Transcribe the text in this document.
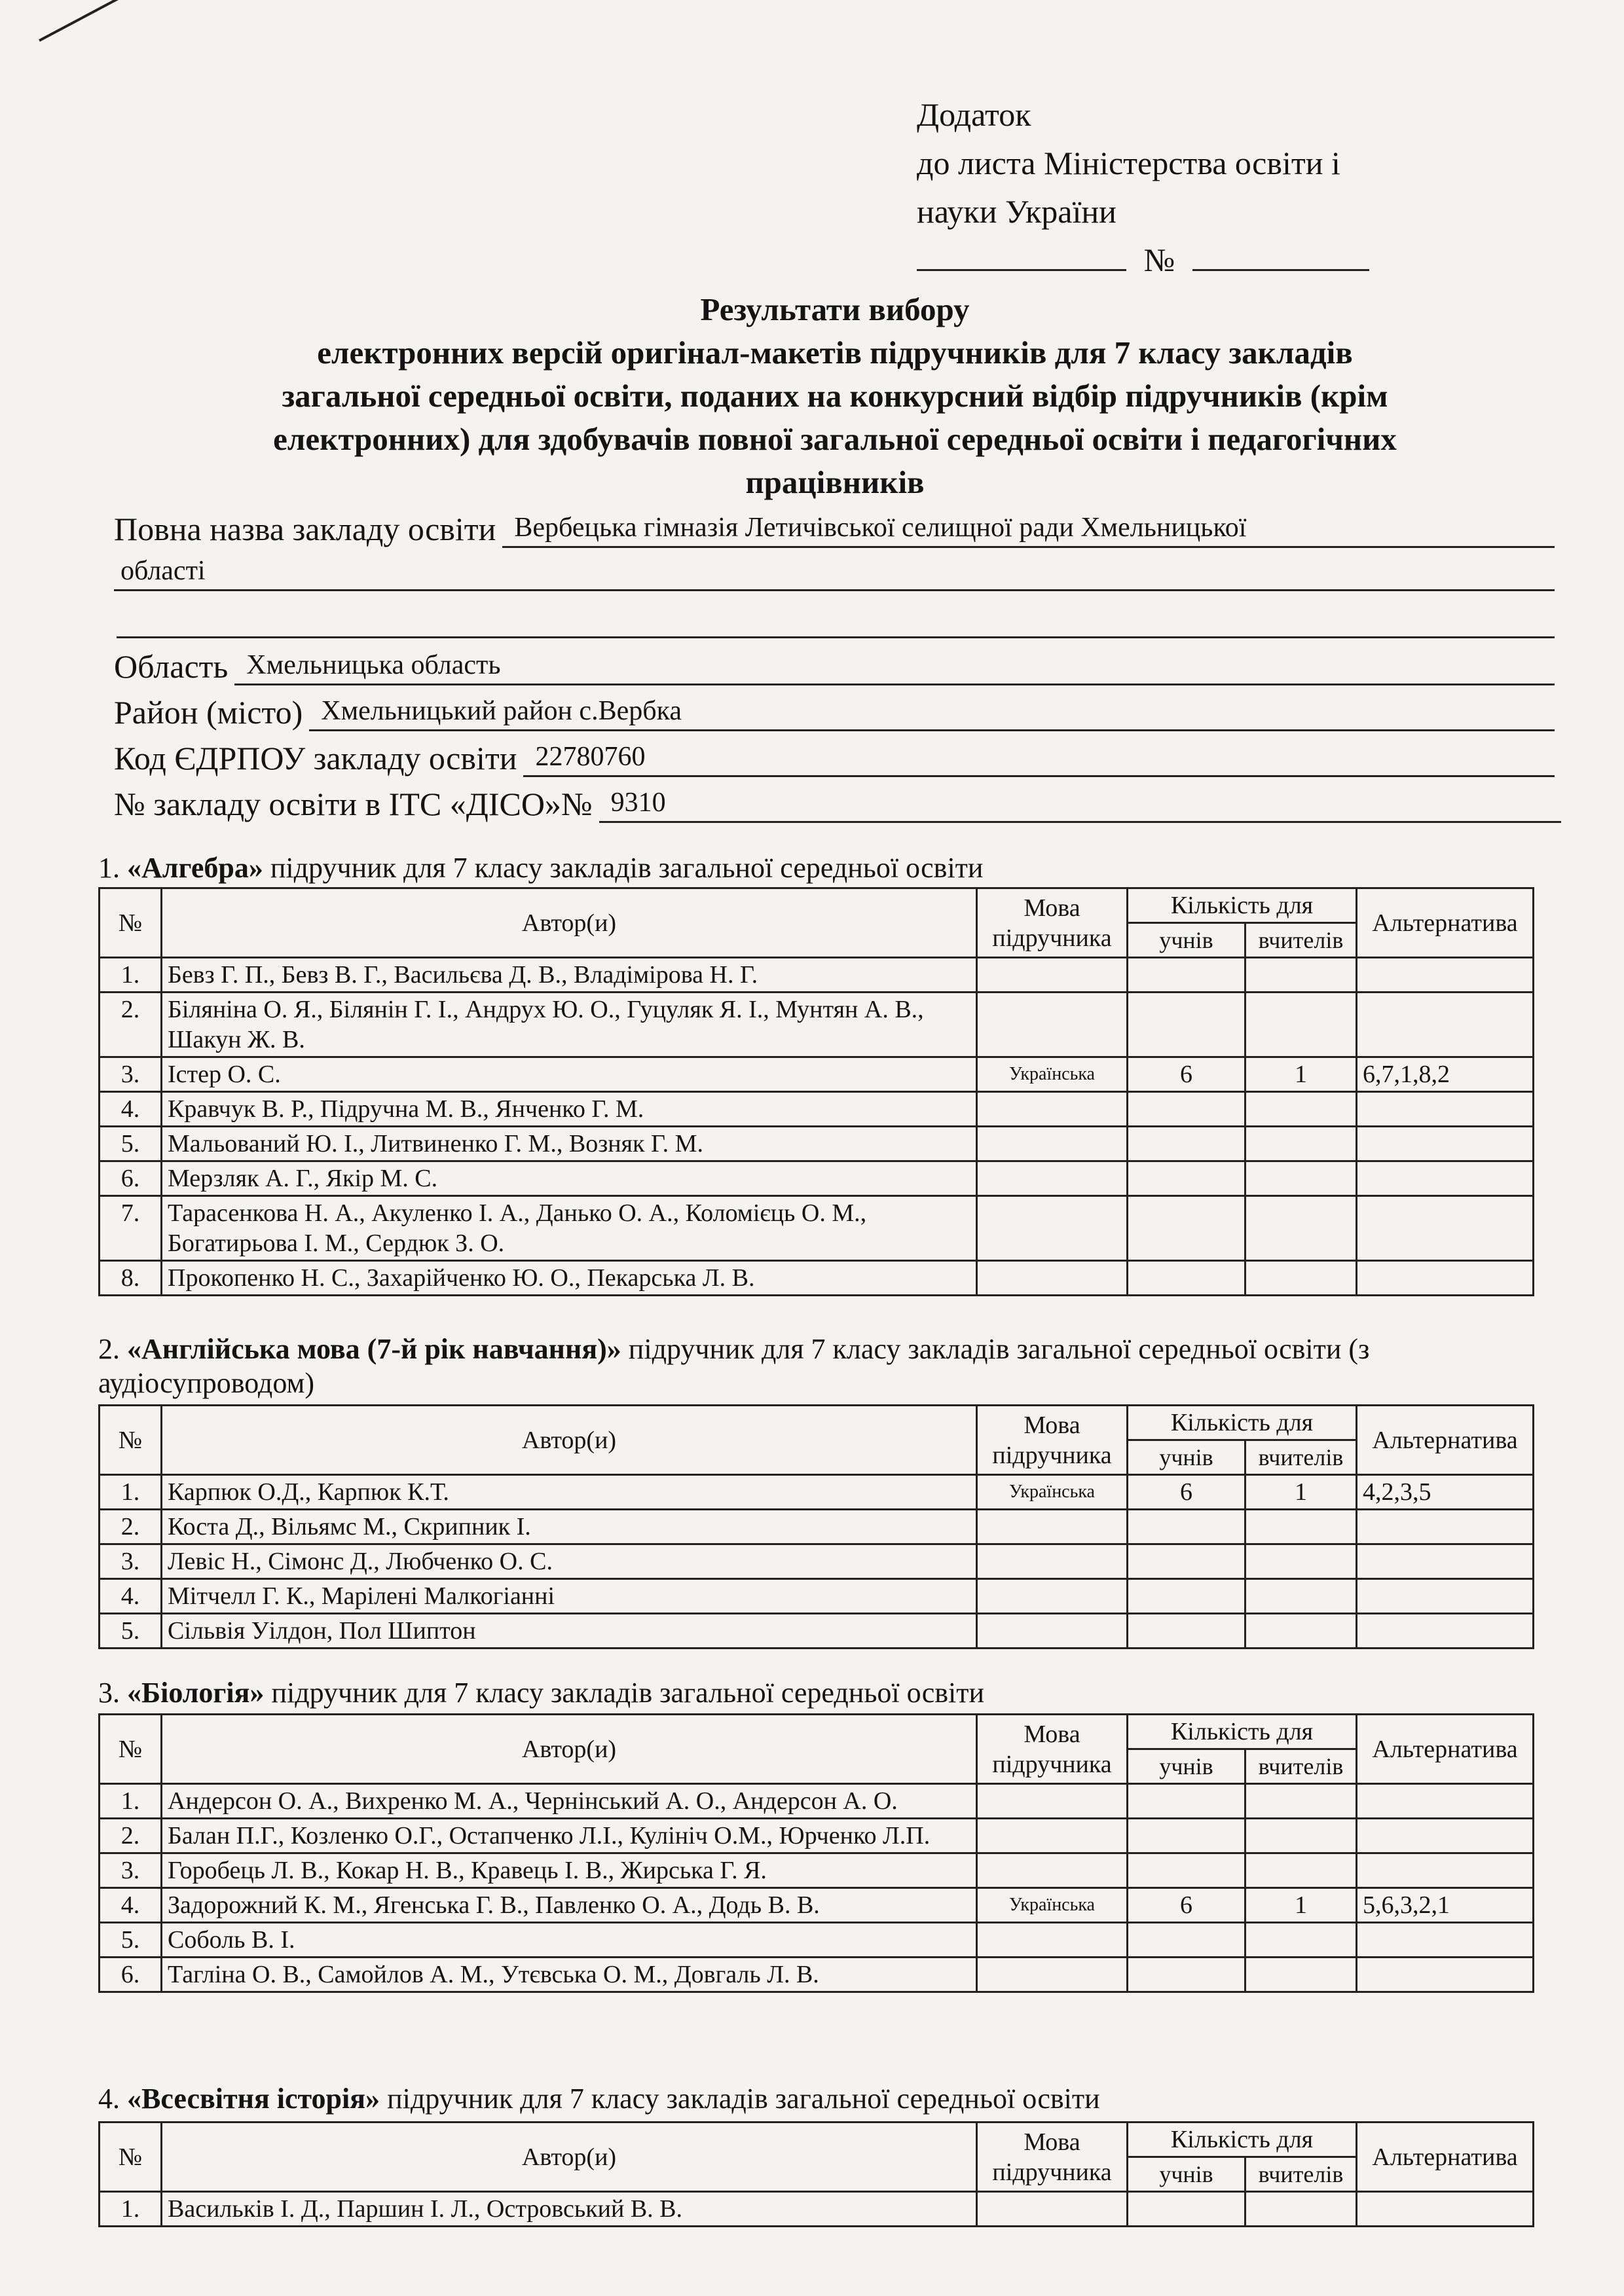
Додаток
до листа Міністерства освіти і
науки України
№
Результати вибору
електронних версій оригінал-макетів підручників для 7 класу закладів
загальної середньої освіти, поданих на конкурсний відбір підручників (крім
електронних) для здобувачів повної загальної середньої освіти і педагогічних
працівників
Повна назва закладу освіти Вербецька гімназія Летичівської селищної ради Хмельницької
області
Область Хмельницька область
Район (місто) Хмельницький район с.Вербка
Код ЄДРПОУ закладу освіти 22780760
№ закладу освіти в ІТС «ДІСО»№ 9310
1. «Алгебра» підручник для 7 класу закладів загальної середньої освіти
№	Автор(и)	Мова підручника	Кількість для		Альтернатива
			учнів	вчителів	
1.	Бевз Г. П., Бевз В. Г., Васильєва Д. В., Владімірова Н. Г.				
2.	Біляніна О. Я., Білянін Г. І., Андрух Ю. О., Гуцуляк Я. І., Мунтян А. В., Шакун Ж. В.				
3.	Істер О. С.	Українська	6	1	6,7,1,8,2
4.	Кравчук В. Р., Підручна М. В., Янченко Г. М.				
5.	Мальований Ю. І., Литвиненко Г. М., Возняк Г. М.				
6.	Мерзляк А. Г., Якір М. С.				
7.	Тарасенкова Н. А., Акуленко І. А., Данько О. А., Коломієць О. М., Богатирьова І. М., Сердюк З. О.				
8.	Прокопенко Н. С., Захарійченко Ю. О., Пекарська Л. В.				
2. «Англійська мова (7-й рік навчання)» підручник для 7 класу закладів загальної середньої освіти (з аудіосупроводом)
№	Автор(и)	Мова підручника	Кількість для		Альтернатива
			учнів	вчителів	
1.	Карпюк О.Д., Карпюк К.Т.	Українська	6	1	4,2,3,5
2.	Коста Д., Вільямс М., Скрипник І.				
3.	Левіс Н., Сімонс Д., Любченко О. С.				
4.	Мітчелл Г. К., Марілені Малкогіанні				
5.	Сільвія Уілдон, Пол Шиптон				
3. «Біологія» підручник для 7 класу закладів загальної середньої освіти
№	Автор(и)	Мова підручника	Кількість для		Альтернатива
			учнів	вчителів	
1.	Андерсон О. А., Вихренко М. А., Чернінський А. О., Андерсон А. О.				
2.	Балан П.Г., Козленко О.Г., Остапченко Л.І., Кулініч О.М., Юрченко Л.П.				
3.	Горобець Л. В., Кокар Н. В., Кравець І. В., Жирська Г. Я.				
4.	Задорожний К. М., Ягенська Г. В., Павленко О. А., Додь В. В.	Українська	6	1	5,6,3,2,1
5.	Соболь В. І.				
6.	Тагліна О. В., Самойлов А. М., Утєвська О. М., Довгаль Л. В.				
4. «Всесвітня історія» підручник для 7 класу закладів загальної середньої освіти
№	Автор(и)	Мова підручника	Кількість для		Альтернатива
			учнів	вчителів	
1.	Васильків І. Д., Паршин І. Л., Островський В. В.				
